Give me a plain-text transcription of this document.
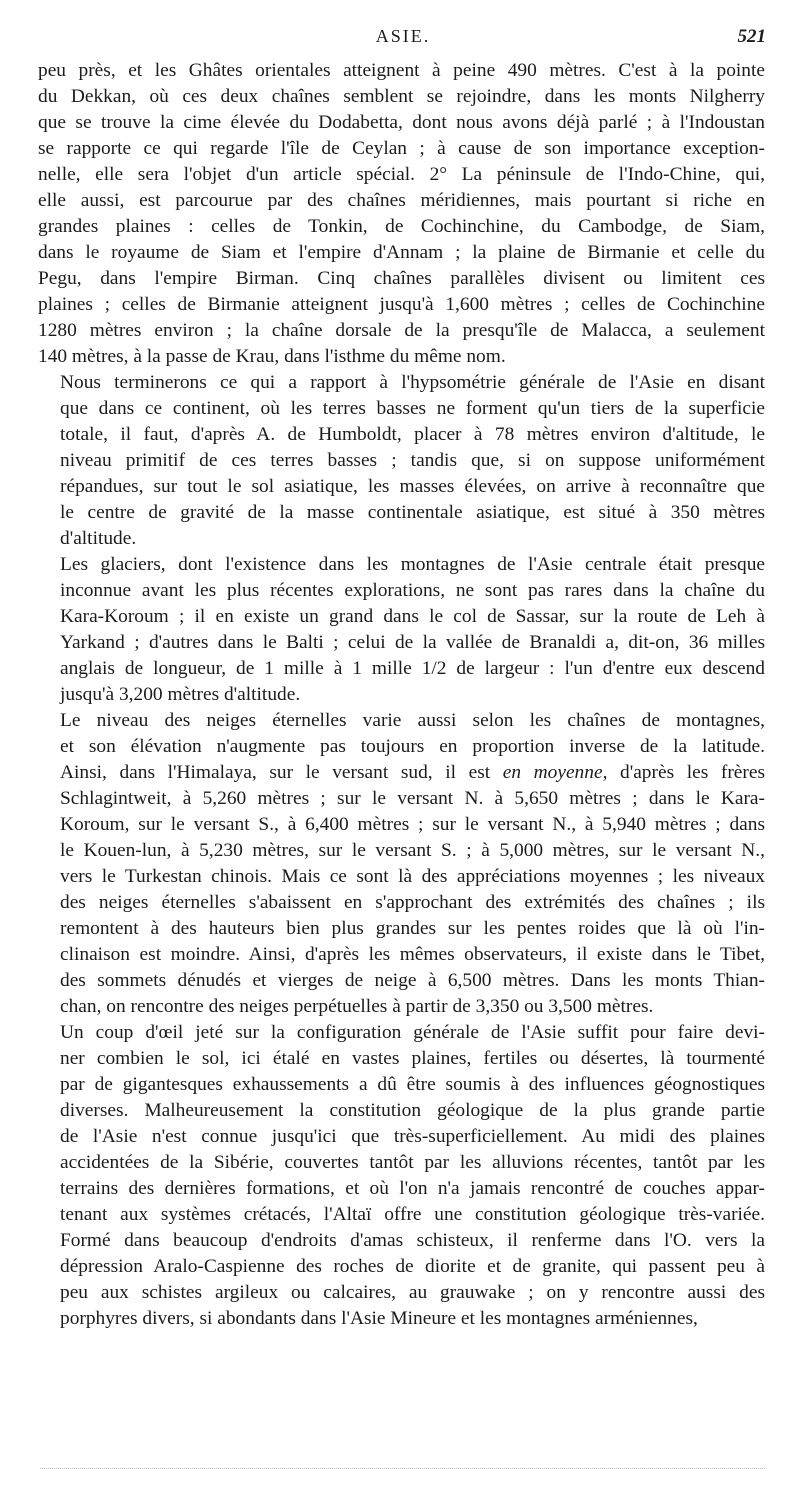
ASIE.	521

peu près, et les Ghâtes orientales atteignent à peine 490 mètres. C'est à la pointe
du Dekkan, où ces deux chaînes semblent se rejoindre, dans les monts Nilgherry
que se trouve la cime élevée du Dodabetta, dont nous avons déjà parlé ; à l'Indoustan
se rapporte ce qui regarde l'île de Ceylan ; à cause de son importance exception-
nelle, elle sera l'objet d'un article spécial. 2° La péninsule de l'Indo-Chine, qui,
elle aussi, est parcourue par des chaînes méridiennes, mais pourtant si riche en
grandes plaines : celles de Tonkin, de Cochinchine, du Cambodge, de Siam,
dans le royaume de Siam et l'empire d'Annam ; la plaine de Birmanie et celle du
Pegu, dans l'empire Birman. Cinq chaînes parallèles divisent ou limitent ces
plaines ; celles de Birmanie atteignent jusqu'à 1,600 mètres ; celles de Cochinchine
1280 mètres environ ; la chaîne dorsale de la presqu'île de Malacca, a seulement
140 mètres, à la passe de Krau, dans l'isthme du même nom.

Nous terminerons ce qui a rapport à l'hypsométrie générale de l'Asie en disant
que dans ce continent, où les terres basses ne forment qu'un tiers de la superficie
totale, il faut, d'après A. de Humboldt, placer à 78 mètres environ d'altitude, le
niveau primitif de ces terres basses ; tandis que, si on suppose uniformément
répandues, sur tout le sol asiatique, les masses élevées, on arrive à reconnaître que
le centre de gravité de la masse continentale asiatique, est situé à 350 mètres
d'altitude.

Les glaciers, dont l'existence dans les montagnes de l'Asie centrale était presque
inconnue avant les plus récentes explorations, ne sont pas rares dans la chaîne du
Kara-Koroum ; il en existe un grand dans le col de Sassar, sur la route de Leh à
Yarkand ; d'autres dans le Balti ; celui de la vallée de Branaldi a, dit-on, 36 milles
anglais de longueur, de 1 mille à 1 mille 1/2 de largeur : l'un d'entre eux descend
jusqu'à 3,200 mètres d'altitude.

Le niveau des neiges éternelles varie aussi selon les chaînes de montagnes,
et son élévation n'augmente pas toujours en proportion inverse de la latitude.
Ainsi, dans l'Himalaya, sur le versant sud, il est en moyenne, d'après les frères
Schlagintweit, à 5,260 mètres ; sur le versant N. à 5,650 mètres ; dans le Kara-
Koroum, sur le versant S., à 6,400 mètres ; sur le versant N., à 5,940 mètres ; dans
le Kouen-lun, à 5,230 mètres, sur le versant S. ; à 5,000 mètres, sur le versant N.,
vers le Turkestan chinois. Mais ce sont là des appréciations moyennes ; les niveaux
des neiges éternelles s'abaissent en s'approchant des extrémités des chaînes ; ils
remontent à des hauteurs bien plus grandes sur les pentes roides que là où l'in-
clinaison est moindre. Ainsi, d'après les mêmes observateurs, il existe dans le Tibet,
des sommets dénudés et vierges de neige à 6,500 mètres. Dans les monts Thian-
chan, on rencontre des neiges perpétuelles à partir de 3,350 ou 3,500 mètres.

Un coup d'œil jeté sur la configuration générale de l'Asie suffit pour faire devi-
ner combien le sol, ici étalé en vastes plaines, fertiles ou désertes, là tourmenté
par de gigantesques exhaussements a dû être soumis à des influences géognostiques
diverses. Malheureusement la constitution géologique de la plus grande partie
de l'Asie n'est connue jusqu'ici que très-superficiellement. Au midi des plaines
accidentées de la Sibérie, couvertes tantôt par les alluvions récentes, tantôt par les
terrains des dernières formations, et où l'on n'a jamais rencontré de couches appar-
tenant aux systèmes crétacés, l'Altaï offre une constitution géologique très-variée.
Formé dans beaucoup d'endroits d'amas schisteux, il renferme dans l'O. vers la
dépression Aralo-Caspienne des roches de diorite et de granite, qui passent peu à
peu aux schistes argileux ou calcaires, au grauwake ; on y rencontre aussi des
porphyres divers, si abondants dans l'Asie Mineure et les montagnes arméniennes,
